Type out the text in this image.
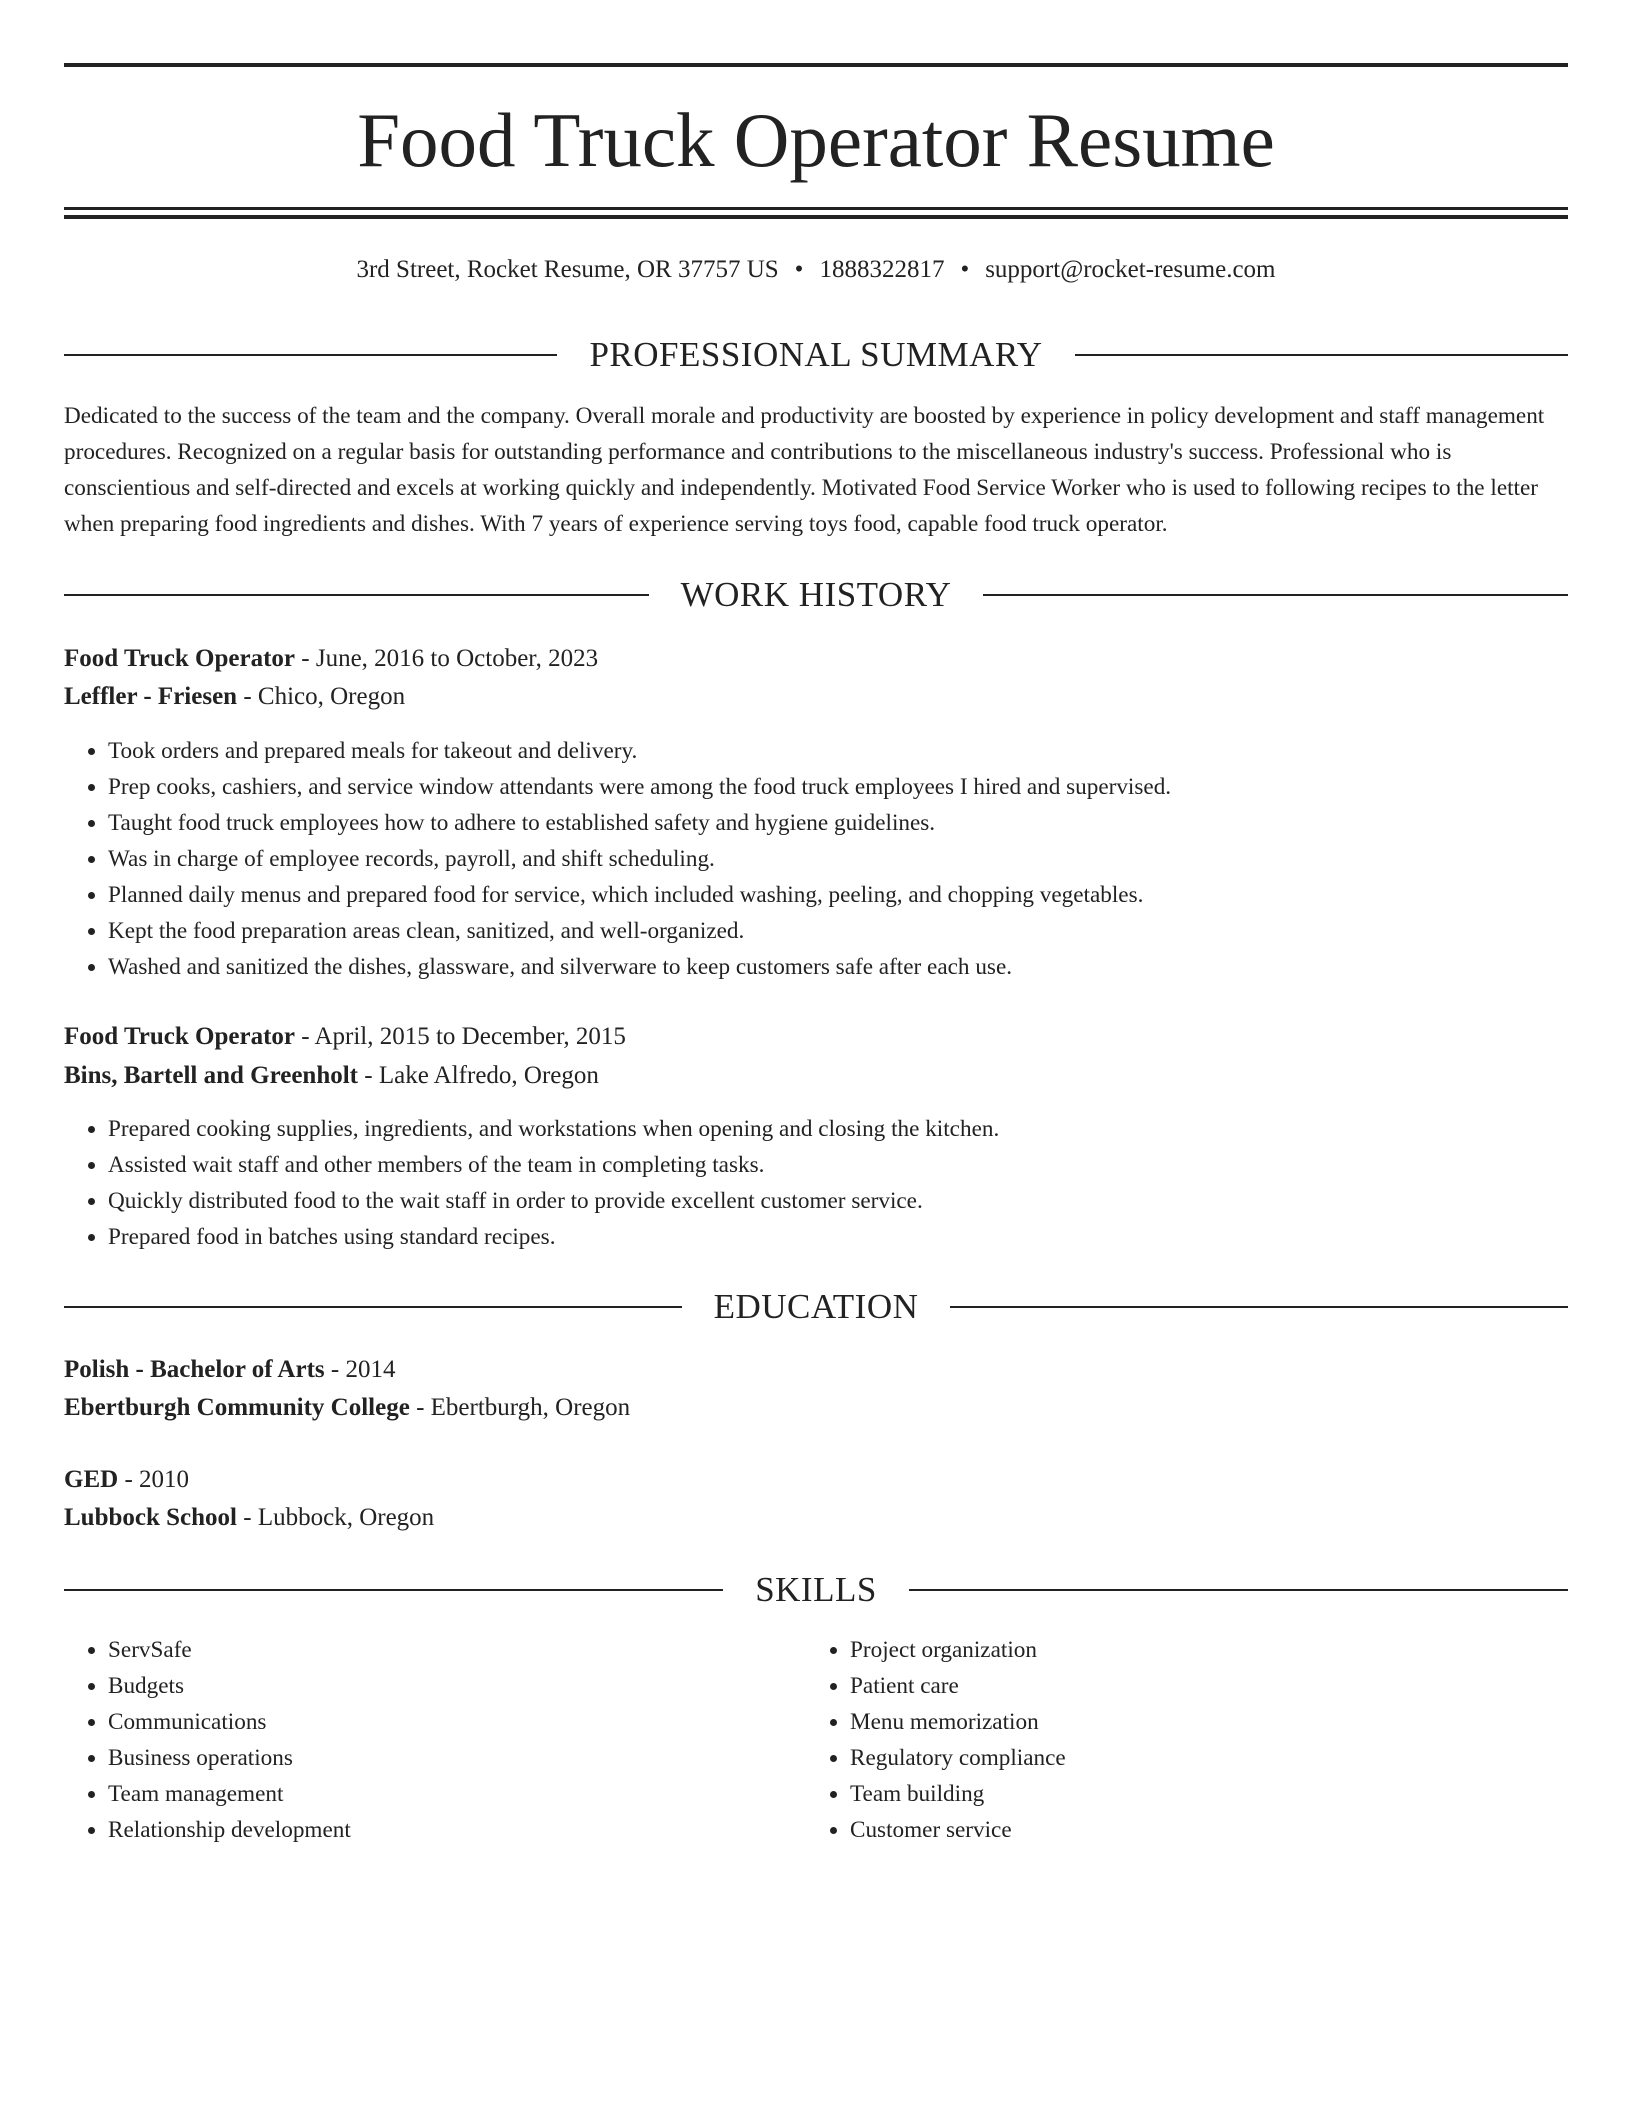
Food Truck Operator Resume
3rd Street, Rocket Resume, OR 37757 US • 1888322817 • support@rocket-resume.com
PROFESSIONAL SUMMARY

Dedicated to the success of the team and the company. Overall morale and productivity are boosted by experience in policy development and staff management procedures. Recognized on a regular basis for outstanding performance and contributions to the miscellaneous industry's success. Professional who is conscientious and self-directed and excels at working quickly and independently. Motivated Food Service Worker who is used to following recipes to the letter when preparing food ingredients and dishes. With 7 years of experience serving toys food, capable food truck operator.

WORK HISTORY
Food Truck Operator - June, 2016 to October, 2023
Leffler - Friesen - Chico, Oregon
• Took orders and prepared meals for takeout and delivery.
• Prep cooks, cashiers, and service window attendants were among the food truck employees I hired and supervised.
• Taught food truck employees how to adhere to established safety and hygiene guidelines.
• Was in charge of employee records, payroll, and shift scheduling.
• Planned daily menus and prepared food for service, which included washing, peeling, and chopping vegetables.
• Kept the food preparation areas clean, sanitized, and well-organized.
• Washed and sanitized the dishes, glassware, and silverware to keep customers safe after each use.
Food Truck Operator - April, 2015 to December, 2015
Bins, Bartell and Greenholt - Lake Alfredo, Oregon
• Prepared cooking supplies, ingredients, and workstations when opening and closing the kitchen.
• Assisted wait staff and other members of the team in completing tasks.
• Quickly distributed food to the wait staff in order to provide excellent customer service.
• Prepared food in batches using standard recipes.
EDUCATION
Polish - Bachelor of Arts - 2014
Ebertburgh Community College - Ebertburgh, Oregon
GED - 2010
Lubbock School - Lubbock, Oregon
SKILLS
• ServSafe
• Budgets
• Communications
• Business operations
• Team management
• Relationship development
• Project organization
• Patient care
• Menu memorization
• Regulatory compliance
• Team building
• Customer service
